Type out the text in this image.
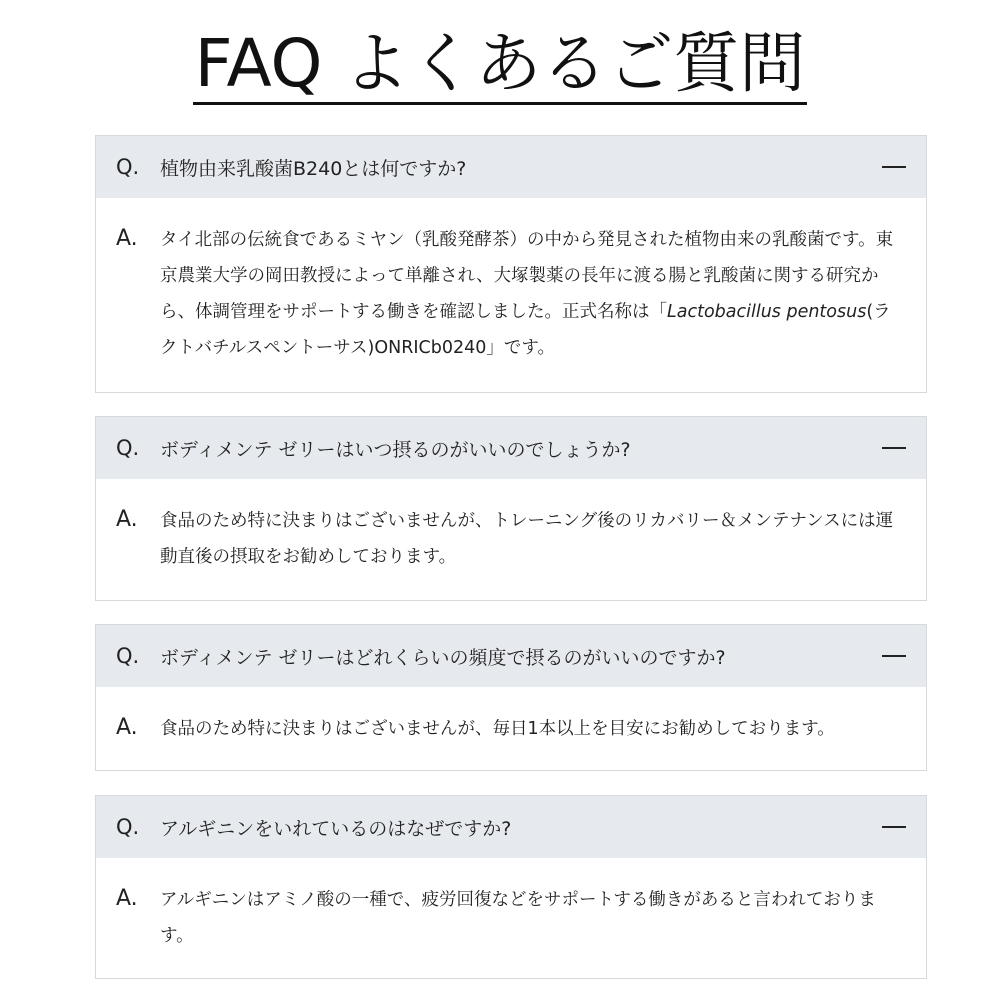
FAQ よくあるご質問
Q.	植物由来乳酸菌B240とは何ですか?
A.	タイ北部の伝統食であるミヤン（乳酸発酵茶）の中から発見された植物由来の乳酸菌です。東京農業大学の岡田教授によって単離され、大塚製薬の長年に渡る腸と乳酸菌に関する研究から、体調管理をサポートする働きを確認しました。正式名称は「Lactobacillus pentosus(ラクトバチルスペントーサス)ONRICb0240」です。

Q.	ボディメンテ ゼリーはいつ摂るのがいいのでしょうか?
A.	食品のため特に決まりはございませんが、トレーニング後のリカバリー＆メンテナンスには運動直後の摂取をお勧めしております。

Q.	ボディメンテ ゼリーはどれくらいの頻度で摂るのがいいのですか?
A.	食品のため特に決まりはございませんが、毎日1本以上を目安にお勧めしております。

Q.	アルギニンをいれているのはなぜですか?
A.	アルギニンはアミノ酸の一種で、疲労回復などをサポートする働きがあると言われております。
